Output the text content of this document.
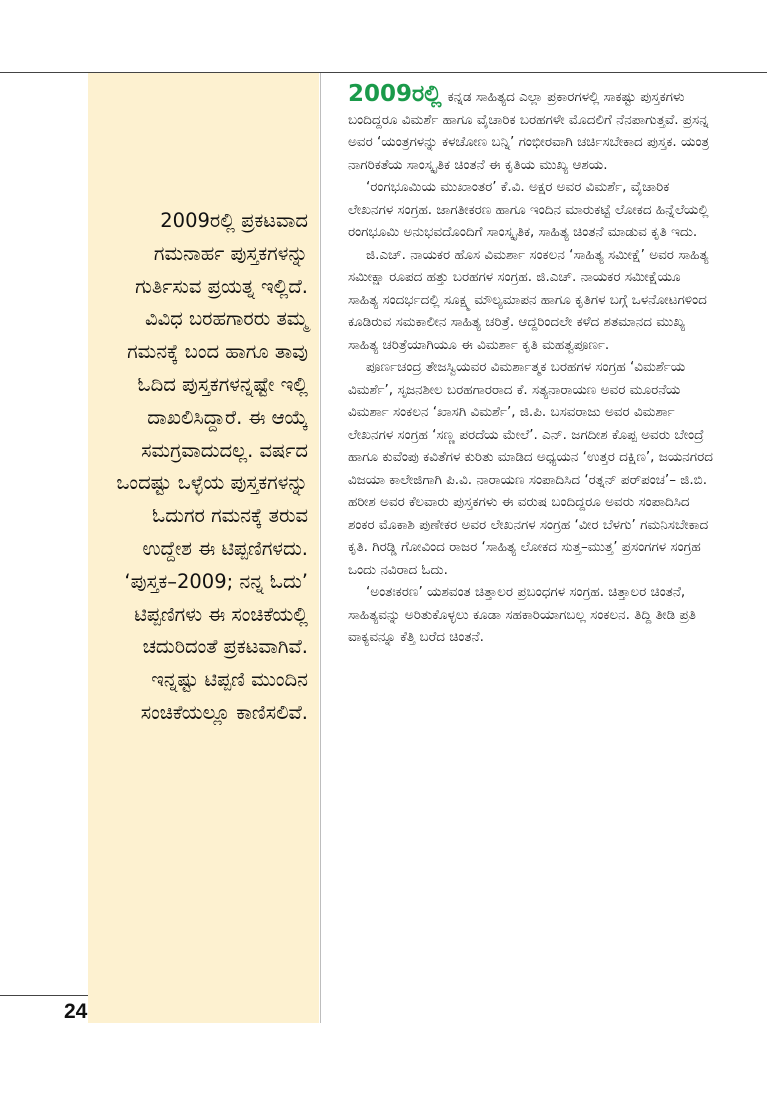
2009ರಲ್ಲಿ ಪ್ರಕಟವಾದ ಗಮನಾರ್ಹ ಪುಸ್ತಕಗಳನ್ನು ಗುರ್ತಿಸುವ ಪ್ರಯತ್ನ ಇಲ್ಲಿದೆ. ವಿವಿಧ ಬರಹಗಾರರು ತಮ್ಮ ಗಮನಕ್ಕೆ ಬಂದ ಹಾಗೂ ತಾವು ಓದಿದ ಪುಸ್ತಕಗಳನ್ನಷ್ಟೇ ಇಲ್ಲಿ ದಾಖಲಿಸಿದ್ದಾರೆ. ಈ ಆಯ್ಕೆ ಸಮಗ್ರವಾದುದಲ್ಲ. ವರ್ಷದ ಒಂದಷ್ಟು ಒಳ್ಳೆಯ ಪುಸ್ತಕಗಳನ್ನು ಓದುಗರ ಗಮನಕ್ಕೆ ತರುವ ಉದ್ದೇಶ ಈ ಟಿಪ್ಪಣಿಗಳದು. ‘ಪುಸ್ತಕ–2009; ನನ್ನ ಓದು’ ಟಿಪ್ಪಣಿಗಳು ಈ ಸಂಚಿಕೆಯಲ್ಲಿ ಚದುರಿದಂತೆ ಪ್ರಕಟವಾಗಿವೆ. ಇನ್ನಷ್ಟು ಟಿಪ್ಪಣಿ ಮುಂದಿನ ಸಂಚಿಕೆಯಲ್ಲೂ ಕಾಣಿಸಲಿವೆ.

2009ರಲ್ಲಿ ಕನ್ನಡ ಸಾಹಿತ್ಯದ ಎಲ್ಲಾ ಪ್ರಕಾರಗಳಲ್ಲಿ ಸಾಕಷ್ಟು ಪುಸ್ತಕಗಳು ಬಂದಿದ್ದರೂ ವಿಮರ್ಶೆ ಹಾಗೂ ವೈಚಾರಿಕ ಬರಹಗಳೇ ಮೊದಲಿಗೆ ನೆನಪಾಗುತ್ತವೆ. ಪ್ರಸನ್ನ ಅವರ ‘ಯಂತ್ರಗಳನ್ನು ಕಳಚೋಣ ಬನ್ನಿ’ ಗಂಭೀರವಾಗಿ ಚರ್ಚಿಸಬೇಕಾದ ಪುಸ್ತಕ. ಯಂತ್ರ ನಾಗರಿಕತೆಯ ಸಾಂಸ್ಕೃತಿಕ ಚಿಂತನೆ ಈ ಕೃತಿಯ ಮುಖ್ಯ ಆಶಯ.

‘ರಂಗಭೂಮಿಯ ಮುಖಾಂತರ’ ಕೆ.ವಿ. ಅಕ್ಷರ ಅವರ ವಿಮರ್ಶೆ, ವೈಚಾರಿಕ ಲೇಖನಗಳ ಸಂಗ್ರಹ. ಜಾಗತೀಕರಣ ಹಾಗೂ ಇಂದಿನ ಮಾರುಕಟ್ಟೆ ಲೋಕದ ಹಿನ್ನೆಲೆಯಲ್ಲಿ ರಂಗಭೂಮಿ ಅನುಭವದೊಂದಿಗೆ ಸಾಂಸ್ಕೃತಿಕ, ಸಾಹಿತ್ಯ ಚಿಂತನೆ ಮಾಡುವ ಕೃತಿ ಇದು.

ಜಿ.ಎಚ್. ನಾಯಕರ ಹೊಸ ವಿಮರ್ಶಾ ಸಂಕಲನ ‘ಸಾಹಿತ್ಯ ಸಮೀಕ್ಷೆ’ ಅವರ ಸಾಹಿತ್ಯ ಸಮೀಕ್ಷಾ ರೂಪದ ಹತ್ತು ಬರಹಗಳ ಸಂಗ್ರಹ. ಜಿ.ಎಚ್. ನಾಯಕರ ಸಮೀಕ್ಷೆಯೂ ಸಾಹಿತ್ಯ ಸಂದರ್ಭದಲ್ಲಿ ಸೂಕ್ಷ್ಮ ಮೌಲ್ಯಮಾಪನ ಹಾಗೂ ಕೃತಿಗಳ ಬಗ್ಗೆ ಒಳನೋಟಗಳಿಂದ ಕೂಡಿರುವ ಸಮಕಾಲೀನ ಸಾಹಿತ್ಯ ಚರಿತ್ರೆ. ಆದ್ದರಿಂದಲೇ ಕಳೆದ ಶತಮಾನದ ಮುಖ್ಯ ಸಾಹಿತ್ಯ ಚರಿತ್ರೆಯಾಗಿಯೂ ಈ ವಿಮರ್ಶಾ ಕೃತಿ ಮಹತ್ವಪೂರ್ಣ.

ಪೂರ್ಣಚಂದ್ರ ತೇಜಸ್ವಿಯವರ ವಿಮರ್ಶಾತ್ಮಕ ಬರಹಗಳ ಸಂಗ್ರಹ ‘ವಿಮರ್ಶೆಯ ವಿಮರ್ಶೆ’, ಸೃಜನಶೀಲ ಬರಹಗಾರರಾದ ಕೆ. ಸತ್ಯನಾರಾಯಣ ಅವರ ಮೂರನೆಯ ವಿಮರ್ಶಾ ಸಂಕಲನ ‘ಖಾಸಗಿ ವಿಮರ್ಶೆ’, ಜಿ.ಪಿ. ಬಸವರಾಜು ಅವರ ವಿಮರ್ಶಾ ಲೇಖನಗಳ ಸಂಗ್ರಹ ‘ಸಣ್ಣ ಪರದೆಯ ಮೇಲೆ’. ಎನ್. ಜಗದೀಶ ಕೊಪ್ಪ ಅವರು ಬೇಂದ್ರೆ ಹಾಗೂ ಕುವೆಂಪು ಕವಿತೆಗಳ ಕುರಿತು ಮಾಡಿದ ಅಧ್ಯಯನ ‘ಉತ್ತರ ದಕ್ಷಿಣ’, ಜಯನಗರದ ವಿಜಯಾ ಕಾಲೇಜಿಗಾಗಿ ಪಿ.ವಿ. ನಾರಾಯಣ ಸಂಪಾದಿಸಿದ ‘ರತ್ನನ್ ಪರ್‌ಪಂಚ’– ಜಿ.ಬಿ. ಹರೀಶ ಅವರ ಕೆಲವಾರು ಪುಸ್ತಕಗಳು ಈ ವರುಷ ಬಂದಿದ್ದರೂ ಅವರು ಸಂಪಾದಿಸಿದ ಶಂಕರ ಮೊಕಾಶಿ ಪುಣೇಕರ ಅವರ ಲೇಖನಗಳ ಸಂಗ್ರಹ ‘ವೀರ ಬೆಳಗು’ ಗಮನಿಸಬೇಕಾದ ಕೃತಿ. ಗಿರಡ್ಡಿ ಗೋವಿಂದ ರಾಜರ ‘ಸಾಹಿತ್ಯ ಲೋಕದ ಸುತ್ತ–ಮುತ್ತ’ ಪ್ರಸಂಗಗಳ ಸಂಗ್ರಹ ಒಂದು ನವಿರಾದ ಓದು.

‘ಅಂತಃಕರಣ’ ಯಶವಂತ ಚಿತ್ತಾಲರ ಪ್ರಬಂಧಗಳ ಸಂಗ್ರಹ. ಚಿತ್ತಾಲರ ಚಿಂತನೆ, ಸಾಹಿತ್ಯವನ್ನು ಅರಿತುಕೊಳ್ಳಲು ಕೂಡಾ ಸಹಕಾರಿಯಾಗಬಲ್ಲ ಸಂಕಲನ. ತಿದ್ದಿ ತೀಡಿ ಪ್ರತಿ ವಾಕ್ಯವನ್ನೂ ಕೆತ್ತಿ ಬರೆದ ಚಿಂತನೆ.

24
